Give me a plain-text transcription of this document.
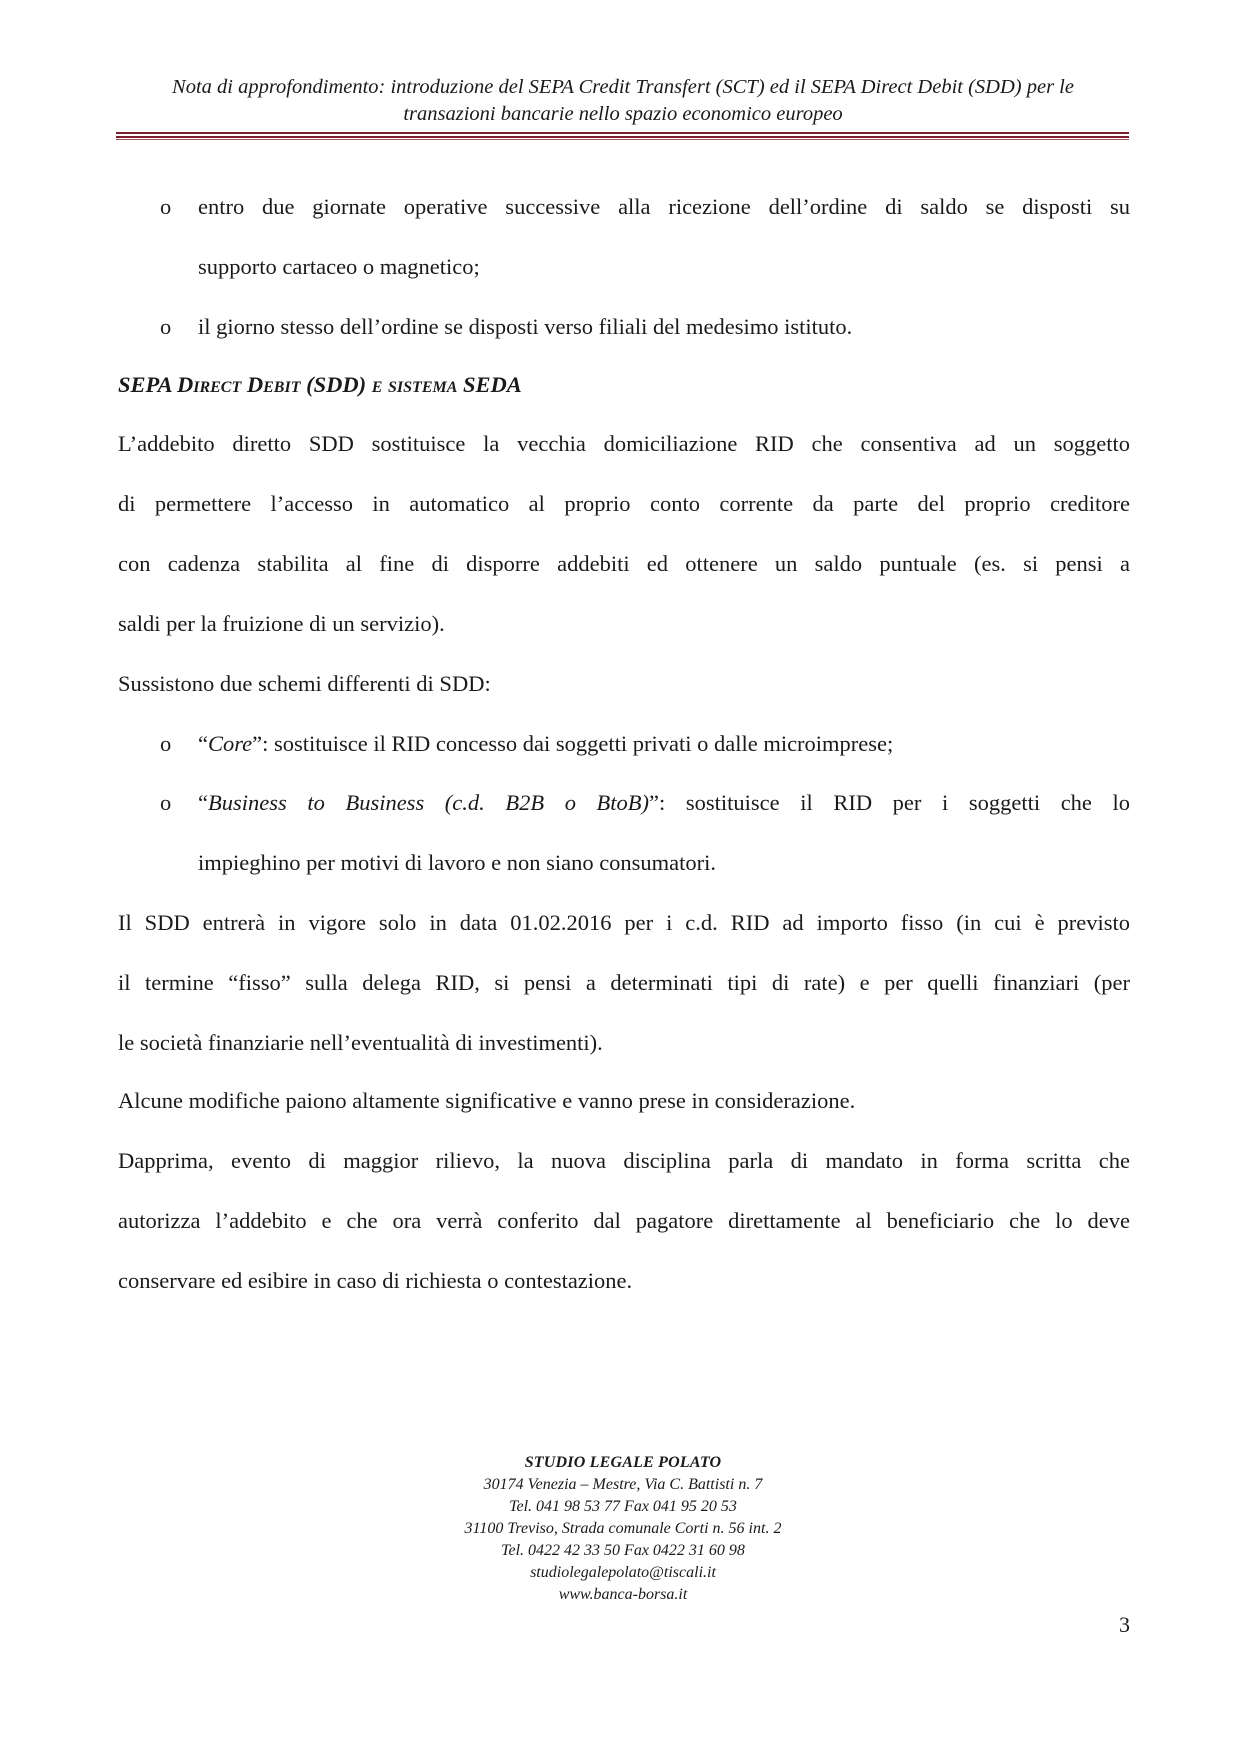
Nota di approfondimento: introduzione del SEPA Credit Transfert (SCT) ed il SEPA Direct Debit (SDD) per le
transazioni bancarie nello spazio economico europeo
o entro due giornate operative successive alla ricezione dell’ordine di saldo se disposti su
supporto cartaceo o magnetico;
o il giorno stesso dell’ordine se disposti verso filiali del medesimo istituto.
SEPA Direct Debit (SDD) e sistema SEDA
L’addebito diretto SDD sostituisce la vecchia domiciliazione RID che consentiva ad un soggetto
di permettere l’accesso in automatico al proprio conto corrente da parte del proprio creditore
con cadenza stabilita al fine di disporre addebiti ed ottenere un saldo puntuale (es. si pensi a
saldi per la fruizione di un servizio).
Sussistono due schemi differenti di SDD:
o “Core”: sostituisce il RID concesso dai soggetti privati o dalle microimprese;
o “Business to Business (c.d. B2B o BtoB)”: sostituisce il RID per i soggetti che lo
impieghino per motivi di lavoro e non siano consumatori.
Il SDD entrerà in vigore solo in data 01.02.2016 per i c.d. RID ad importo fisso (in cui è previsto
il termine “fisso” sulla delega RID, si pensi a determinati tipi di rate) e per quelli finanziari (per
le società finanziarie nell’eventualità di investimenti).
Alcune modifiche paiono altamente significative e vanno prese in considerazione.
Dapprima, evento di maggior rilievo, la nuova disciplina parla di mandato in forma scritta che
autorizza l’addebito e che ora verrà conferito dal pagatore direttamente al beneficiario che lo deve
conservare ed esibire in caso di richiesta o contestazione.
STUDIO LEGALE POLATO
30174 Venezia – Mestre, Via C. Battisti n. 7
Tel. 041 98 53 77 Fax 041 95 20 53
31100 Treviso, Strada comunale Corti n. 56 int. 2
Tel. 0422 42 33 50 Fax 0422 31 60 98
studiolegalepolato@tiscali.it
www.banca-borsa.it
3
